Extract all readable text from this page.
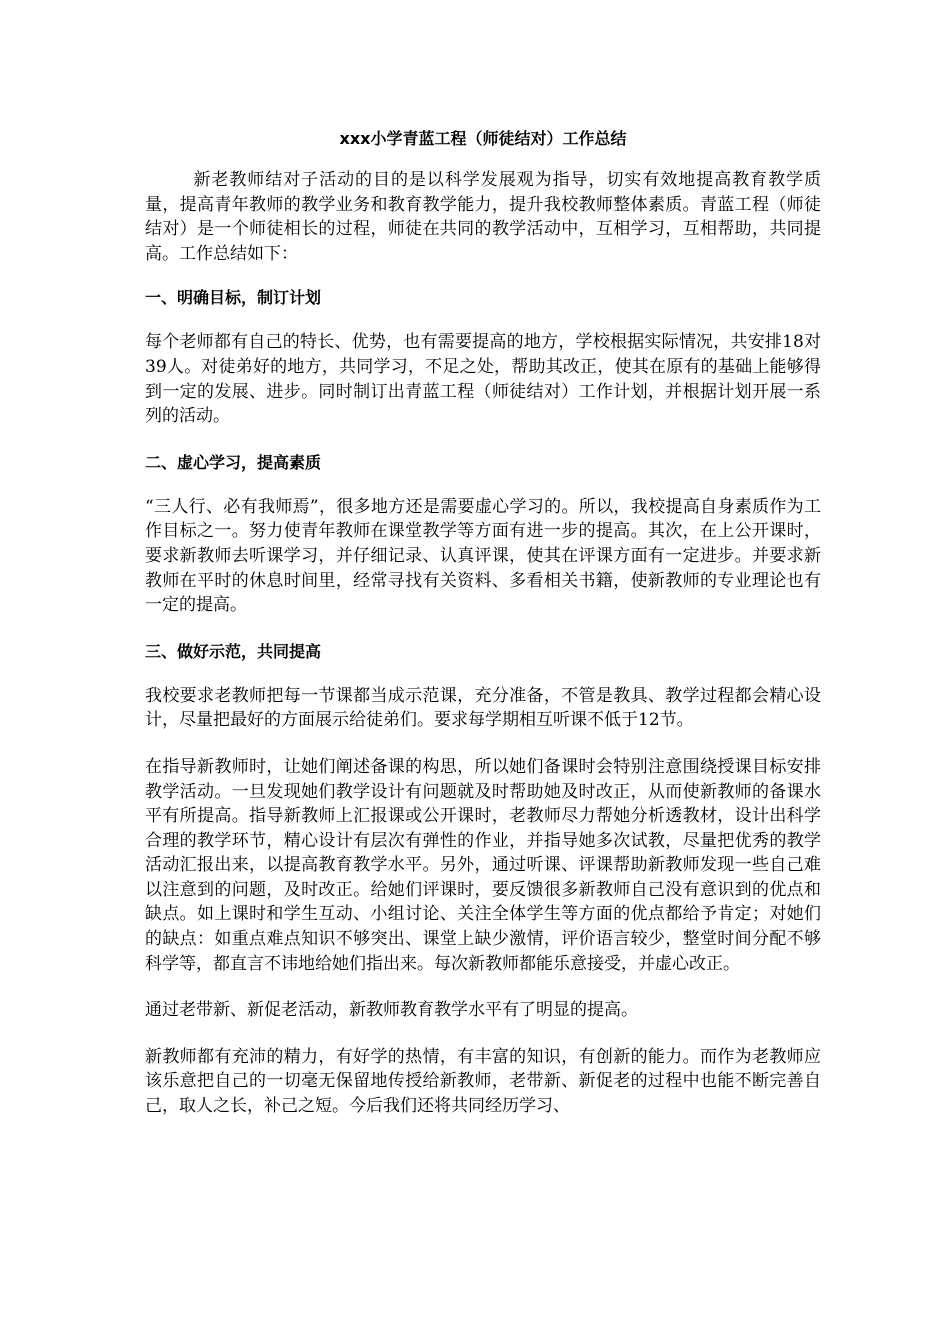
xxx小学青蓝工程（师徒结对）工作总结

新老教师结对子活动的目的是以科学发展观为指导，切实有效地提高教育教学质量，提高青年教师的教学业务和教育教学能力，提升我校教师整体素质。青蓝工程（师徒结对）是一个师徒相长的过程，师徒在共同的教学活动中，互相学习，互相帮助，共同提高。工作总结如下：

一、明确目标，制订计划

每个老师都有自己的特长、优势，也有需要提高的地方，学校根据实际情况，共安排18对39人。对徒弟好的地方，共同学习，不足之处，帮助其改正，使其在原有的基础上能够得到一定的发展、进步。同时制订出青蓝工程（师徒结对）工作计划，并根据计划开展一系列的活动。

二、虚心学习，提高素质

“三人行、必有我师焉”，很多地方还是需要虚心学习的。所以，我校提高自身素质作为工作目标之一。努力使青年教师在课堂教学等方面有进一步的提高。其次，在上公开课时，要求新教师去听课学习，并仔细记录、认真评课，使其在评课方面有一定进步。并要求新教师在平时的休息时间里，经常寻找有关资料、多看相关书籍，使新教师的专业理论也有一定的提高。

三、做好示范，共同提高

我校要求老教师把每一节课都当成示范课，充分准备，不管是教具、教学过程都会精心设计，尽量把最好的方面展示给徒弟们。要求每学期相互听课不低于12节。

在指导新教师时，让她们阐述备课的构思，所以她们备课时会特别注意围绕授课目标安排教学活动。一旦发现她们教学设计有问题就及时帮助她及时改正，从而使新教师的备课水平有所提高。指导新教师上汇报课或公开课时，老教师尽力帮她分析透教材，设计出科学合理的教学环节，精心设计有层次有弹性的作业，并指导她多次试教，尽量把优秀的教学活动汇报出来，以提高教育教学水平。另外，通过听课、评课帮助新教师发现一些自己难以注意到的问题，及时改正。给她们评课时，要反馈很多新教师自己没有意识到的优点和缺点。如上课时和学生互动、小组讨论、关注全体学生等方面的优点都给予肯定；对她们的缺点：如重点难点知识不够突出、课堂上缺少激情，评价语言较少，整堂时间分配不够科学等，都直言不讳地给她们指出来。每次新教师都能乐意接受，并虚心改正。

通过老带新、新促老活动，新教师教育教学水平有了明显的提高。

新教师都有充沛的精力，有好学的热情，有丰富的知识，有创新的能力。而作为老教师应该乐意把自己的一切毫无保留地传授给新教师，老带新、新促老的过程中也能不断完善自己，取人之长，补己之短。今后我们还将共同经历学习、
